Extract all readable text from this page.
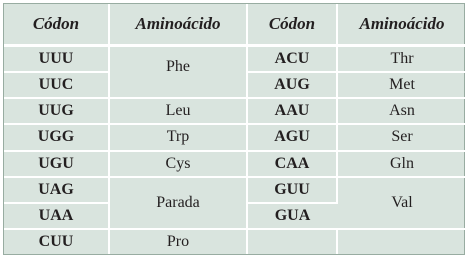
Códon	Aminoácido	Códon	Aminoácido
UUU	Phe	ACU	Thr
UUC		AUG	Met
UUG	Leu	AAU	Asn
UGG	Trp	AGU	Ser
UGU	Cys	CAA	Gln
UAG	Parada	GUU	Val
UAA		GUA	
CUU	Pro		
